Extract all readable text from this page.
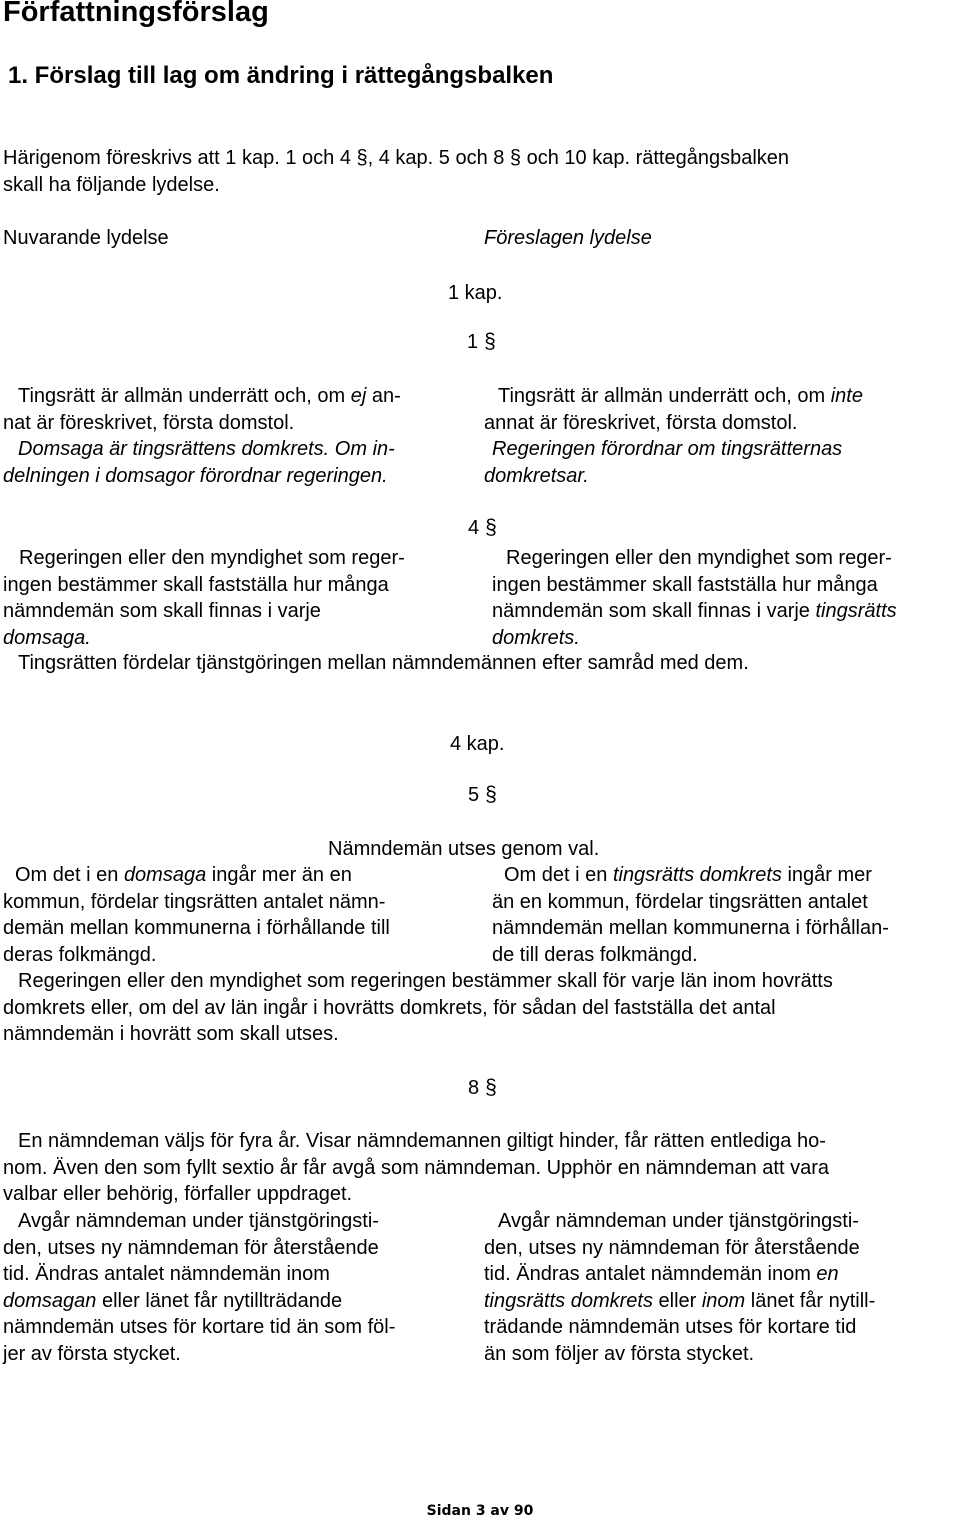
Författningsförslag
1. Förslag till lag om ändring i rättegångsbalken
Härigenom föreskrivs att 1 kap. 1 och 4 §, 4 kap. 5 och 8 § och 10 kap. rättegångsbalken
skall ha följande lydelse.
Nuvarande lydelse	Föreslagen lydelse
1 kap.
1 §
Tingsrätt är allmän underrätt och, om ej an-
nat är föreskrivet, första domstol.
Domsaga är tingsrättens domkrets. Om in-
delningen i domsagor förordnar regeringen.
Tingsrätt är allmän underrätt och, om inte
annat är föreskrivet, första domstol.
Regeringen förordnar om tingsrätternas
domkretsar.
4 §
Regeringen eller den myndighet som reger-
ingen bestämmer skall fastställa hur många
nämndemän som skall finnas i varje
domsaga.
Regeringen eller den myndighet som reger-
ingen bestämmer skall fastställa hur många
nämndemän som skall finnas i varje tingsrätts
domkrets.
Tingsrätten fördelar tjänstgöringen mellan nämndemännen efter samråd med dem.
4 kap.
5 §
Nämndemän utses genom val.
Om det i en domsaga ingår mer än en
kommun, fördelar tingsrätten antalet nämn-
demän mellan kommunerna i förhållande till
deras folkmängd.
Om det i en tingsrätts domkrets ingår mer
än en kommun, fördelar tingsrätten antalet
nämndemän mellan kommunerna i förhållan-
de till deras folkmängd.
Regeringen eller den myndighet som regeringen bestämmer skall för varje län inom hovrätts
domkrets eller, om del av län ingår i hovrätts domkrets, för sådan del fastställa det antal
nämndemän i hovrätt som skall utses.
8 §
En nämndeman väljs för fyra år. Visar nämndemannen giltigt hinder, får rätten entlediga ho-
nom. Även den som fyllt sextio år får avgå som nämndeman. Upphör en nämndeman att vara
valbar eller behörig, förfaller uppdraget.
Avgår nämndeman under tjänstgöringsti-
den, utses ny nämndeman för återstående
tid. Ändras antalet nämndemän inom
domsagan eller länet får nytillträdande
nämndemän utses för kortare tid än som föl-
jer av första stycket.
Avgår nämndeman under tjänstgöringsti-
den, utses ny nämndeman för återstående
tid. Ändras antalet nämndemän inom en
tingsrätts domkrets eller inom länet får nytill-
trädande nämndemän utses för kortare tid
än som följer av första stycket.
Sidan 3 av 90
